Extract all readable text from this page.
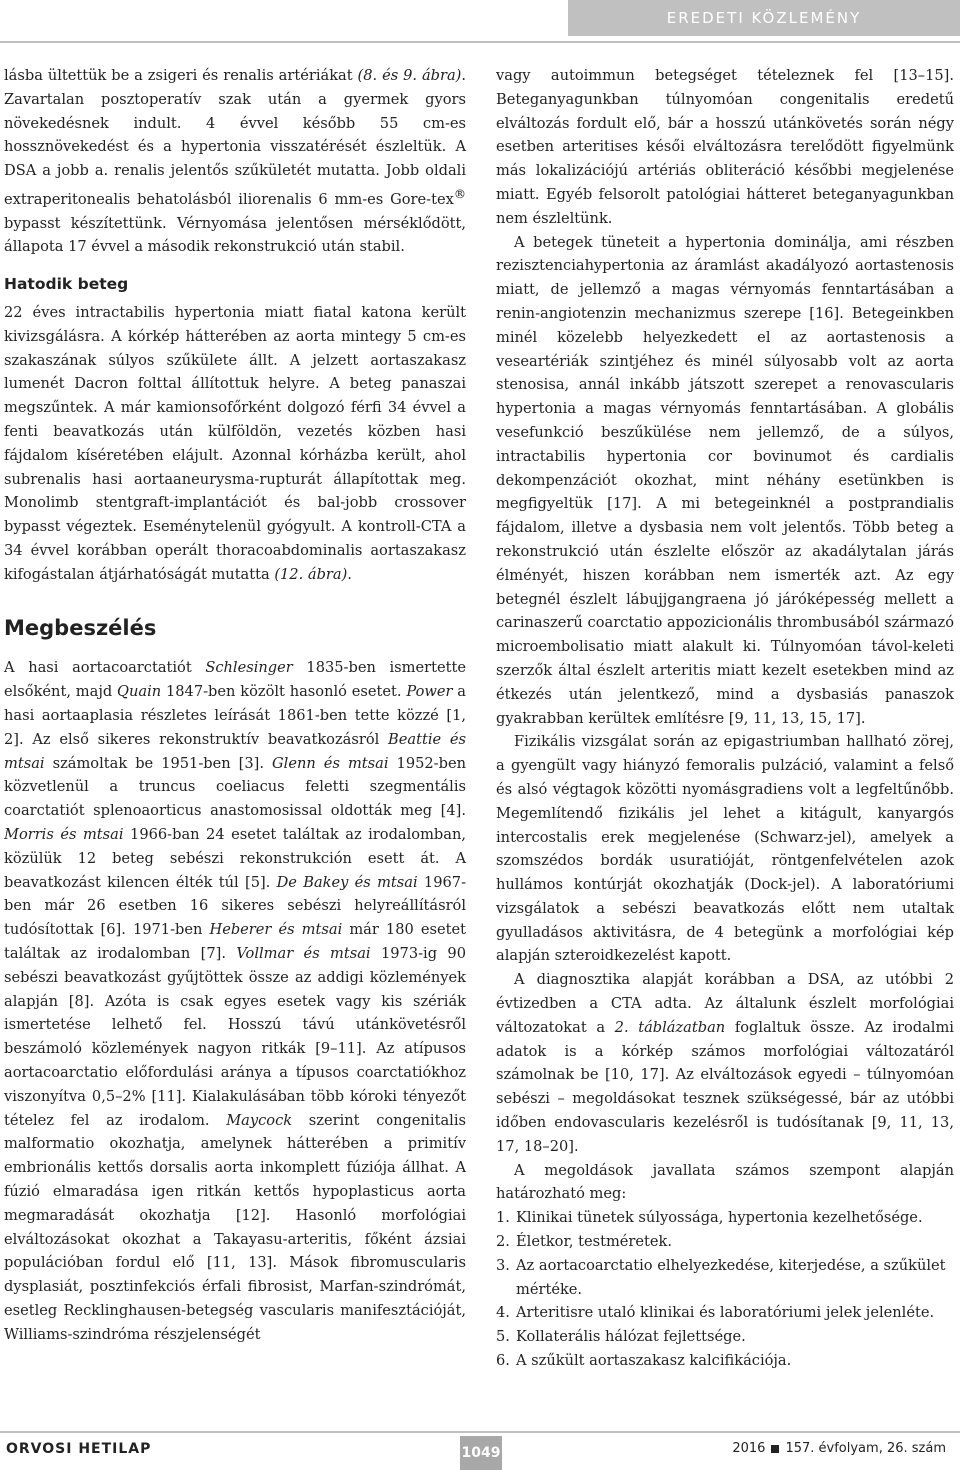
EREDETI KÖZLEMÉNY

lásba ültettük be a zsigeri és renalis artériákat (8. és 9. ábra). Zavartalan posztoperatív szak után a gyermek gyors növekedésnek indult. 4 évvel később 55 cm-es hossznövekedést és a hypertonia visszatérését észleltük. A DSA a jobb a. renalis jelentős szűkületét mutatta. Jobb oldali extraperitonealis behatolásból iliorenalis 6 mm-es Gore-tex® bypasst készítettünk. Vérnyomása jelentősen mérséklődött, állapota 17 évvel a második rekonstrukció után stabil.

Hatodik beteg

22 éves intractabilis hypertonia miatt fiatal katona került kivizsgálásra. A kórkép hátterében az aorta mintegy 5 cm-es szakaszának súlyos szűkülete állt. A jelzett aortaszakasz lumenét Dacron folttal állítottuk helyre. A beteg panaszai megszűntek. A már kamionsofőrként dolgozó férfi 34 évvel a fenti beavatkozás után külföldön, vezetés közben hasi fájdalom kíséretében elájult. Azonnal kórházba került, ahol subrenalis hasi aortaaneurysma-rupturát állapítottak meg. Monolimb stentgraft-implantációt és bal-jobb crossover bypasst végeztek. Eseménytelenül gyógyult. A kontroll-CTA a 34 évvel korábban operált thoracoabdominalis aortaszakasz kifogástalan átjárhatóságát mutatta (12. ábra).

Megbeszélés

A hasi aortacoarctatiót Schlesinger 1835-ben ismertette elsőként, majd Quain 1847-ben közölt hasonló esetet. Power a hasi aortaaplasia részletes leírását 1861-ben tette közzé [1, 2]. Az első sikeres rekonstruktív beavatkozásról Beattie és mtsai számoltak be 1951-ben [3]. Glenn és mtsai 1952-ben közvetlenül a truncus coeliacus feletti szegmentális coarctatiót splenoaorticus anastomosissal oldották meg [4]. Morris és mtsai 1966-ban 24 esetet találtak az irodalomban, közülük 12 beteg sebészi rekonstrukción esett át. A beavatkozást kilencen élték túl [5]. De Bakey és mtsai 1967-ben már 26 esetben 16 sikeres sebészi helyreállításról tudósítottak [6]. 1971-ben Heberer és mtsai már 180 esetet találtak az irodalomban [7]. Vollmar és mtsai 1973-ig 90 sebészi beavatkozást gyűjtöttek össze az addigi közlemények alapján [8]. Azóta is csak egyes esetek vagy kis szériák ismertetése lelhető fel. Hosszú távú utánkövetésről beszámoló közlemények nagyon ritkák [9–11]. Az atípusos aortacoarctatio előfordulási aránya a típusos coarctatiókhoz viszonyítva 0,5–2% [11]. Kialakulásában több kóroki tényezőt tételez fel az irodalom. Maycock szerint congenitalis malformatio okozhatja, amelynek hátterében a primitív embrionális kettős dorsalis aorta inkomplett fúziója állhat. A fúzió elmaradása igen ritkán kettős hypoplasticus aorta megmaradását okozhatja [12]. Hasonló morfológiai elváltozásokat okozhat a Takayasu-arteritis, főként ázsiai populációban fordul elő [11, 13]. Mások fibromuscularis dysplasiát, posztinfekciós érfali fibrosist, Marfan-szindrómát, esetleg Recklinghausen-betegség vascularis manifesztációját, Williams-szindróma részjelenségét

vagy autoimmun betegséget tételeznek fel [13–15]. Beteganyagunkban túlnyomóan congenitalis eredetű elváltozás fordult elő, bár a hosszú utánkövetés során négy esetben arteritises késői elváltozásra terelődött figyelmünk más lokalizációjú artériás obliteráció későbbi megjelenése miatt. Egyéb felsorolt patológiai hátteret beteganyagunkban nem észleltünk.

A betegek tüneteit a hypertonia dominálja, ami részben rezisztenciahypertonia az áramlást akadályozó aortastenosis miatt, de jellemző a magas vérnyomás fenntartásában a renin-angiotenzin mechanizmus szerepe [16]. Betegeinkben minél közelebb helyezkedett el az aortastenosis a veseartériák szintjéhez és minél súlyosabb volt az aorta stenosisa, annál inkább játszott szerepet a renovascularis hypertonia a magas vérnyomás fenntartásában. A globális vesefunkció beszűkülése nem jellemző, de a súlyos, intractabilis hypertonia cor bovinumot és cardialis dekompenzációt okozhat, mint néhány esetünkben is megfigyeltük [17]. A mi betegeinknél a postprandialis fájdalom, illetve a dysbasia nem volt jelentős. Több beteg a rekonstrukció után észlelte először az akadálytalan járás élményét, hiszen korábban nem ismerték azt. Az egy betegnél észlelt lábujjgangraena jó járóképesség mellett a carinaszerű coarctatio appozicionális thrombusából származó microembolisatio miatt alakult ki. Túlnyomóan távol-keleti szerzők által észlelt arteritis miatt kezelt esetekben mind az étkezés után jelentkező, mind a dysbasiás panaszok gyakrabban kerültek említésre [9, 11, 13, 15, 17].

Fizikális vizsgálat során az epigastriumban hallható zörej, a gyengült vagy hiányzó femoralis pulzáció, valamint a felső és alsó végtagok közötti nyomásgradiens volt a legfeltűnőbb. Megemlítendő fizikális jel lehet a kitágult, kanyargós intercostalis erek megjelenése (Schwarz-jel), amelyek a szomszédos bordák usuratióját, röntgenfelvételen azok hullámos kontúrját okozhatják (Dock-jel). A laboratóriumi vizsgálatok a sebészi beavatkozás előtt nem utaltak gyulladásos aktivitásra, de 4 betegünk a morfológiai kép alapján szteroidkezelést kapott.

A diagnosztika alapját korábban a DSA, az utóbbi 2 évtizedben a CTA adta. Az általunk észlelt morfológiai változatokat a 2. táblázatban foglaltuk össze. Az irodalmi adatok is a kórkép számos morfológiai változatáról számolnak be [10, 17]. Az elváltozások egyedi – túlnyomóan sebészi – megoldásokat tesznek szükségessé, bár az utóbbi időben endovascularis kezelésről is tudósítanak [9, 11, 13, 17, 18–20].

A megoldások javallata számos szempont alapján határozható meg:

1. Klinikai tünetek súlyossága, hypertonia kezelhetősége.
2. Életkor, testméretek.
3. Az aortacoarctatio elhelyezkedése, kiterjedése, a szűkület mértéke.
4. Arteritisre utaló klinikai és laboratóriumi jelek jelenléte.
5. Kollaterális hálózat fejlettsége.
6. A szűkült aortaszakasz kalcifikációja.
ORVOSI HETILAP	1049	2016 157. évfolyam, 26. szám
